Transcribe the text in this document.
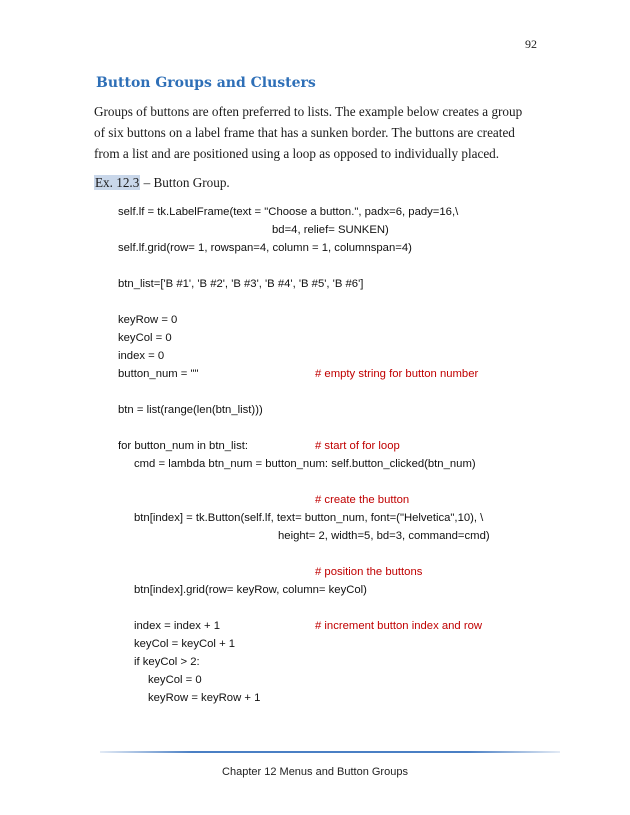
92
Button Groups and Clusters
Groups of buttons are often preferred to lists. The example below creates a group
of six buttons on a label frame that has a sunken border. The buttons are created
from a list and are positioned using a loop as opposed to individually placed.
Ex. 12.3 – Button Group.
self.lf = tk.LabelFrame(text = "Choose a button.", padx=6, pady=16,\
bd=4, relief= SUNKEN)
self.lf.grid(row= 1, rowspan=4, column = 1, columnspan=4)
btn_list=['B #1', 'B #2', 'B #3', 'B #4', 'B #5', 'B #6']
keyRow = 0
keyCol = 0
index = 0
button_num = ""	# empty string for button number
btn = list(range(len(btn_list)))
for button_num in btn_list:	# start of for loop
cmd = lambda btn_num = button_num: self.button_clicked(btn_num)
# create the button
btn[index] = tk.Button(self.lf, text= button_num, font=("Helvetica",10), \
height= 2, width=5, bd=3, command=cmd)
# position the buttons
btn[index].grid(row= keyRow, column= keyCol)
index = index + 1	# increment button index and row
keyCol = keyCol + 1
if keyCol > 2:
keyCol = 0
keyRow = keyRow + 1
Chapter 12 Menus and Button Groups
